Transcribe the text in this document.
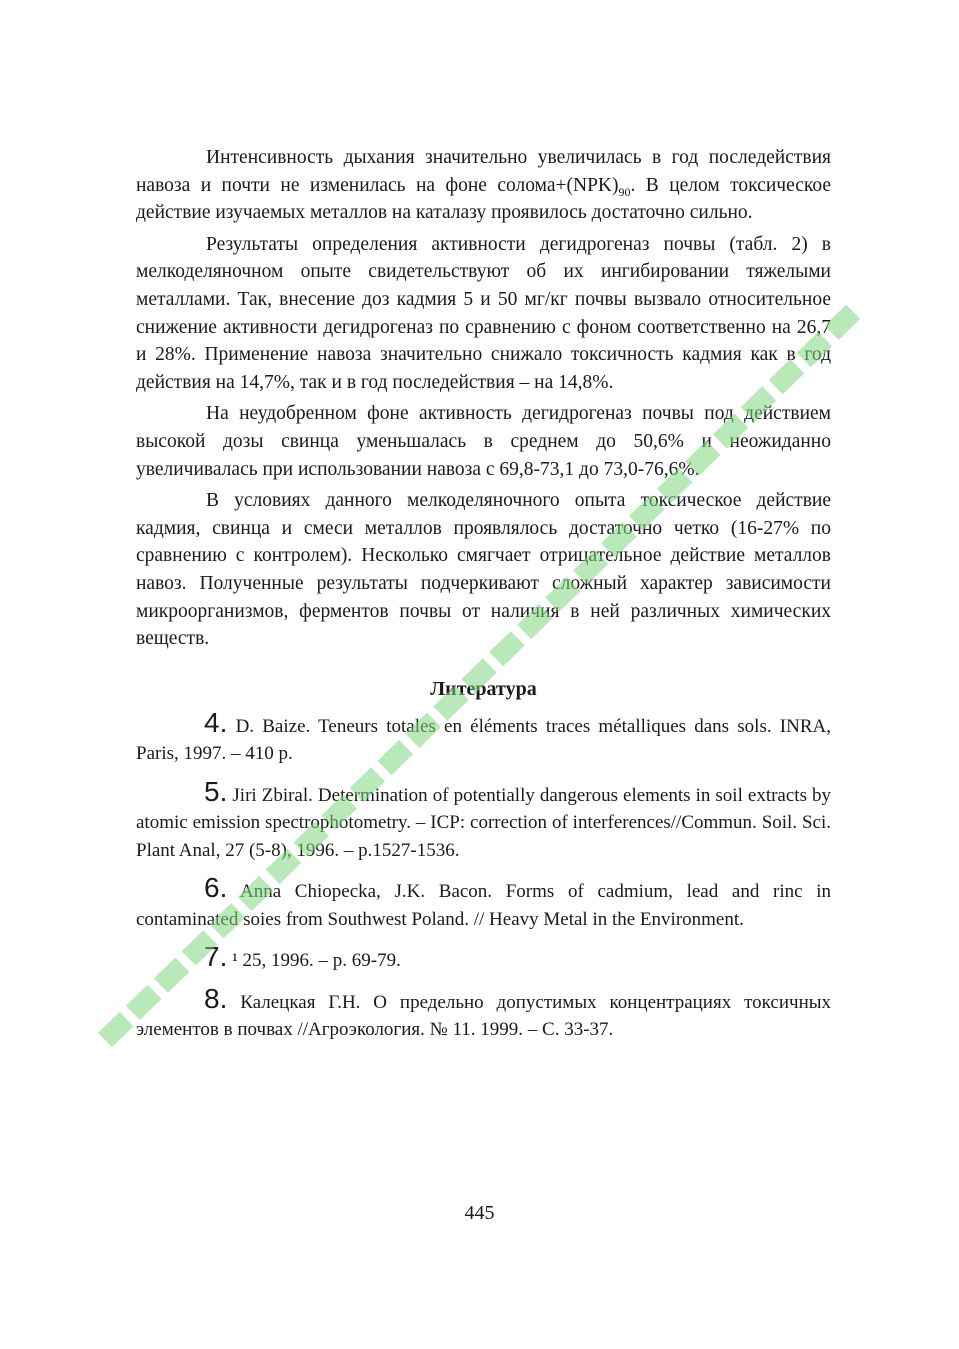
Интенсивность дыхания значительно увеличилась в год последействия навоза и почти не изменилась на фоне $солома+(NPK)_{90}$. В целом токсическое действие изучаемых металлов на каталазу проявилось достаточно сильно.

Результаты определения активности дегидрогеназ почвы (табл. 2) в мелкоделяночном опыте свидетельствуют об их ингибировании тяжелыми металлами. Так, внесение доз кадмия 5 и 50 мг/кг почвы вызвало относительное снижение активности дегидрогеназ по сравнению с фоном соответственно на 26,7 и 28%. Применение навоза значительно снижало токсичность кадмия как в год действия на 14,7%, так и в год последействия – на 14,8%.

На неудобренном фоне активность дегидрогеназ почвы под действием высокой дозы свинца уменьшалась в среднем до 50,6% и неожиданно увеличивалась при использовании навоза с 69,8-73,1 до 73,0-76,6%.

В условиях данного мелкоделяночного опыта токсическое действие кадмия, свинца и смеси металлов проявлялось достаточно четко (16-27% по сравнению с контролем). Несколько смягчает отрицательное действие металлов навоз. Полученные результаты подчеркивают сложный характер зависимости микроорганизмов, ферментов почвы от наличия в ней различных химических веществ.

Литература
4. D. Baize. Teneurs totales en éléments traces métalliques dans sols. INRA, Paris, 1997. – 410 p.
5. Jiri Zbiral. Determination of potentially dangerous elements in soil extracts by atomic emission spectrophotometry. – ICP: correction of interferences//Commun. Soil. Sci. Plant Anal, 27 (5-8), 1996. – p.1527-1536.
6. Anna Chiopecka, J.K. Bacon. Forms of cadmium, lead and rinc in contaminated soies from Southwest Poland. // Heavy Metal in the Environment.
7. ¹ 25, 1996. – p. 69-79.
8. Калецкая Г.Н. О предельно допустимых концентрациях токсичных элементов в почвах //Агроэкология. № 11. 1999. – С. 33-37.
445
